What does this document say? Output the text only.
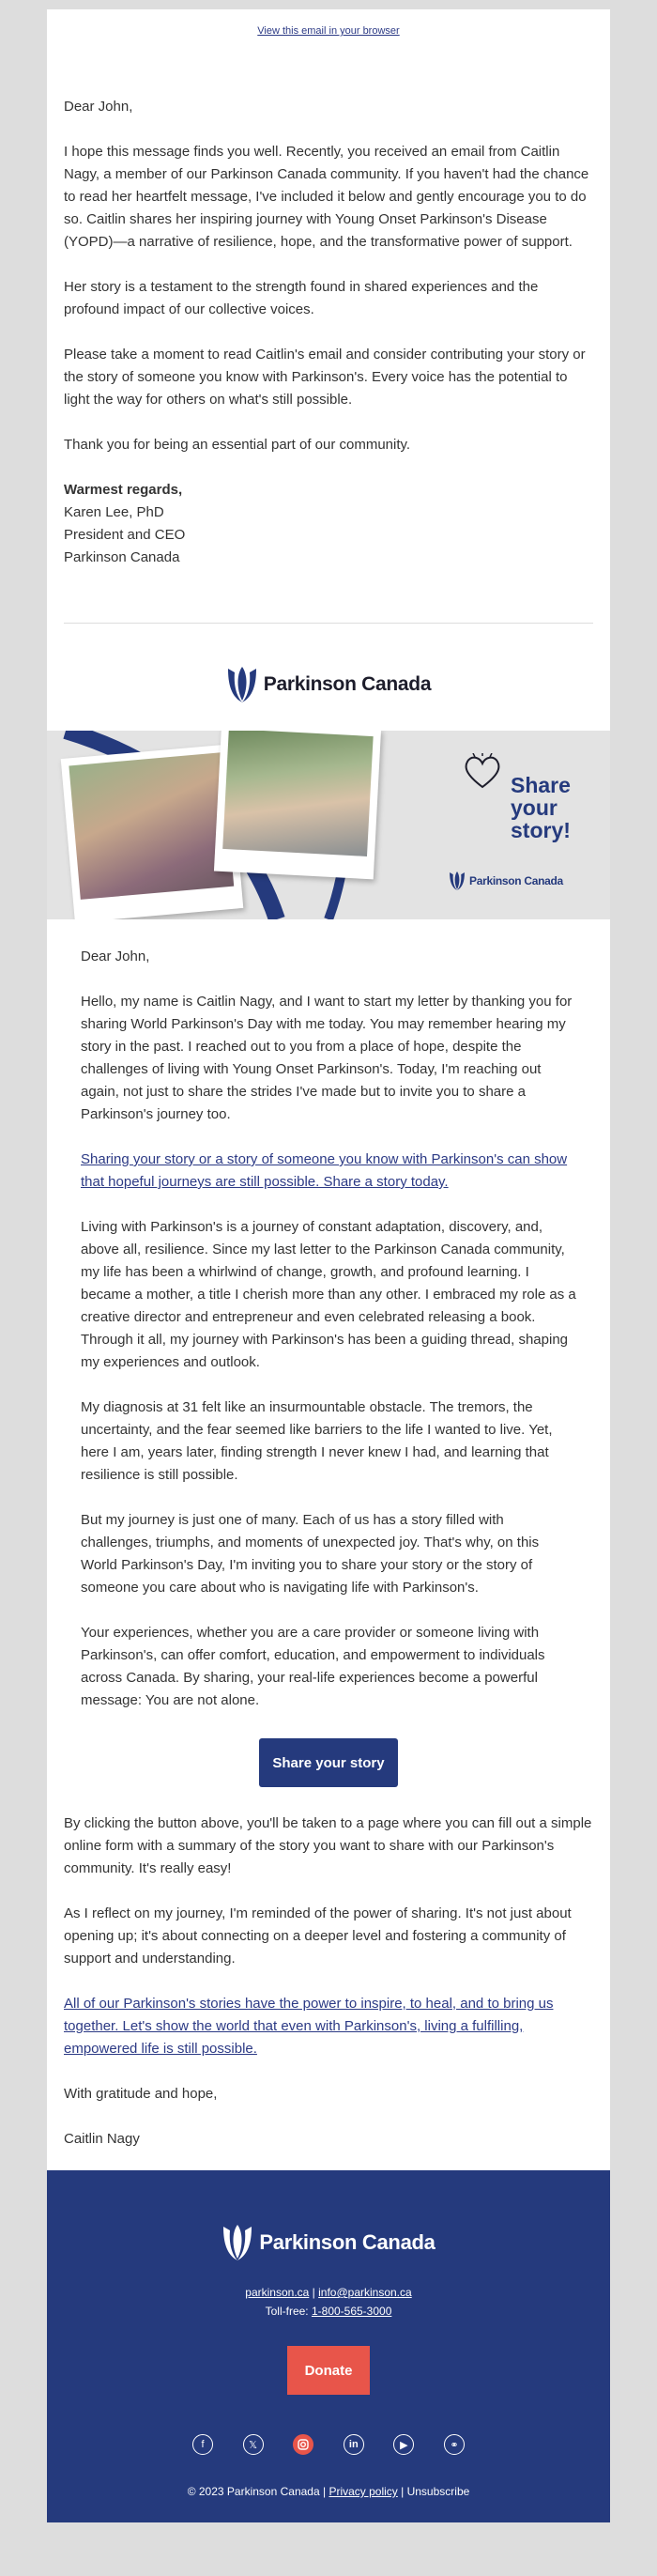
View this email in your browser

Dear John,

I hope this message finds you well. Recently, you received an email from Caitlin Nagy, a member of our Parkinson Canada community. If you haven't had the chance to read her heartfelt message, I've included it below and gently encourage you to do so. Caitlin shares her inspiring journey with Young Onset Parkinson's Disease (YOPD)—a narrative of resilience, hope, and the transformative power of support.

Her story is a testament to the strength found in shared experiences and the profound impact of our collective voices.

Please take a moment to read Caitlin's email and consider contributing your story or the story of someone you know with Parkinson's. Every voice has the potential to light the way for others on what's still possible.

Thank you for being an essential part of our community.

Warmest regards,

Karen Lee, PhD

President and CEO

Parkinson Canada

Parkinson Canada
Share
your
story!
Parkinson Canada

Dear John,

Hello, my name is Caitlin Nagy, and I want to start my letter by thanking you for sharing World Parkinson's Day with me today. You may remember hearing my story in the past. I reached out to you from a place of hope, despite the challenges of living with Young Onset Parkinson's. Today, I'm reaching out again, not just to share the strides I've made but to invite you to share a Parkinson's journey too.

Sharing your story or a story of someone you know with Parkinson's can show that hopeful journeys are still possible. Share a story today.

Living with Parkinson's is a journey of constant adaptation, discovery, and, above all, resilience. Since my last letter to the Parkinson Canada community, my life has been a whirlwind of change, growth, and profound learning. I became a mother, a title I cherish more than any other. I embraced my role as a creative director and entrepreneur and even celebrated releasing a book. Through it all, my journey with Parkinson's has been a guiding thread, shaping my experiences and outlook.

My diagnosis at 31 felt like an insurmountable obstacle. The tremors, the uncertainty, and the fear seemed like barriers to the life I wanted to live. Yet, here I am, years later, finding strength I never knew I had, and learning that resilience is still possible.

But my journey is just one of many. Each of us has a story filled with challenges, triumphs, and moments of unexpected joy. That's why, on this World Parkinson's Day, I'm inviting you to share your story or the story of someone you care about who is navigating life with Parkinson's.

Your experiences, whether you are a care provider or someone living with Parkinson's, can offer comfort, education, and empowerment to individuals across Canada. By sharing, your real-life experiences become a powerful message: You are not alone.

Share your story

By clicking the button above, you'll be taken to a page where you can fill out a simple online form with a summary of the story you want to share with our Parkinson's community. It's really easy!

As I reflect on my journey, I'm reminded of the power of sharing. It's not just about opening up; it's about connecting on a deeper level and fostering a community of support and understanding.

All of our Parkinson's stories have the power to inspire, to heal, and to bring us together. Let's show the world that even with Parkinson's, living a fulfilling, empowered life is still possible.

With gratitude and hope,

Caitlin Nagy

Parkinson Canada
parkinson.ca | info@parkinson.ca
Toll-free: 1-800-565-3000
Donate
f	𝕏	in	▶	⚭
© 2023 Parkinson Canada | Privacy policy | Unsubscribe
